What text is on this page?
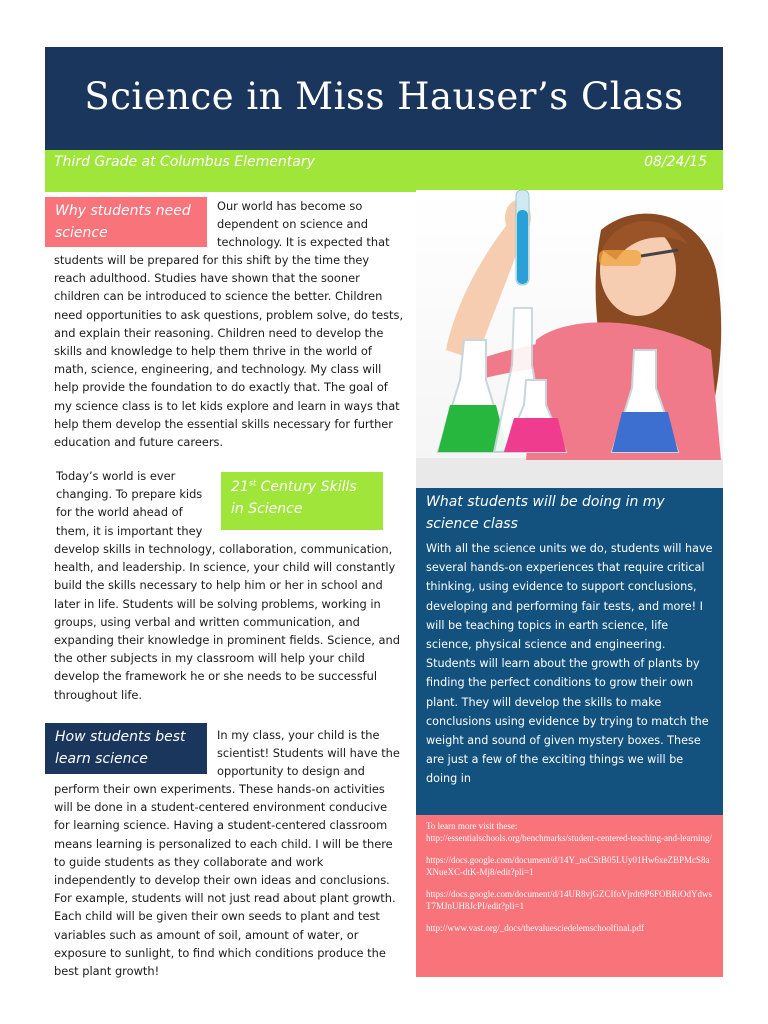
Science in Miss Hauser’s Class
Third Grade at Columbus Elementary	08/24/15
Why students need science

Our world has become so dependent on science and technology. It is expected that

students will be prepared for this shift by the time they reach adulthood. Studies have shown that the sooner children can be introduced to science the better. Children need opportunities to ask questions, problem solve, do tests, and explain their reasoning. Children need to develop the skills and knowledge to help them thrive in the world of math, science, engineering, and technology. My class will help provide the foundation to do exactly that. The goal of my science class is to let kids explore and learn in ways that help them develop the essential skills necessary for further education and future careers.

Today’s world is ever changing. To prepare kids for the world ahead of them, it is important they

21st Century Skills in Science

develop skills in technology, collaboration, communication, health, and leadership. In science, your child will constantly build the skills necessary to help him or her in school and later in life. Students will be solving problems, working in groups, using verbal and written communication, and expanding their knowledge in prominent fields. Science, and the other subjects in my classroom will help your child develop the framework he or she needs to be successful throughout life.

How students best learn science

In my class, your child is the scientist! Students will have the opportunity to design and

perform their own experiments. These hands-on activities will be done in a student-centered environment conducive for learning science. Having a student-centered classroom means learning is personalized to each child. I will be there to guide students as they collaborate and work independently to develop their own ideas and conclusions. For example, students will not just read about plant growth. Each child will be given their own seeds to plant and test variables such as amount of soil, amount of water, or exposure to sunlight, to find which conditions produce the best plant growth!

What students will be doing in my science class

With all the science units we do, students will have several hands-on experiences that require critical thinking, using evidence to support conclusions, developing and performing fair tests, and more! I will be teaching topics in earth science, life science, physical science and engineering. Students will learn about the growth of plants by finding the perfect conditions to grow their own plant. They will develop the skills to make conclusions using evidence by trying to match the weight and sound of given mystery boxes. These are just a few of the exciting things we will be doing in

To learn more visit these:
http://essentialschools.org/benchmarks/student-centered-teaching-and-learning/
https://docs.google.com/document/d/14Y_nsCStB05LUy01Hw6xeZBPMcS8aXNueXC-dtK-Mj8/edit?pli=1
https://docs.google.com/document/d/14UR8vjGZCIfoVjrdt6P6FOBRiOdYdwsT7MJnUH8JcPI/edit?pli=1
http://www.vast.org/_docs/thevaluesciedelemschoolfinal.pdf
